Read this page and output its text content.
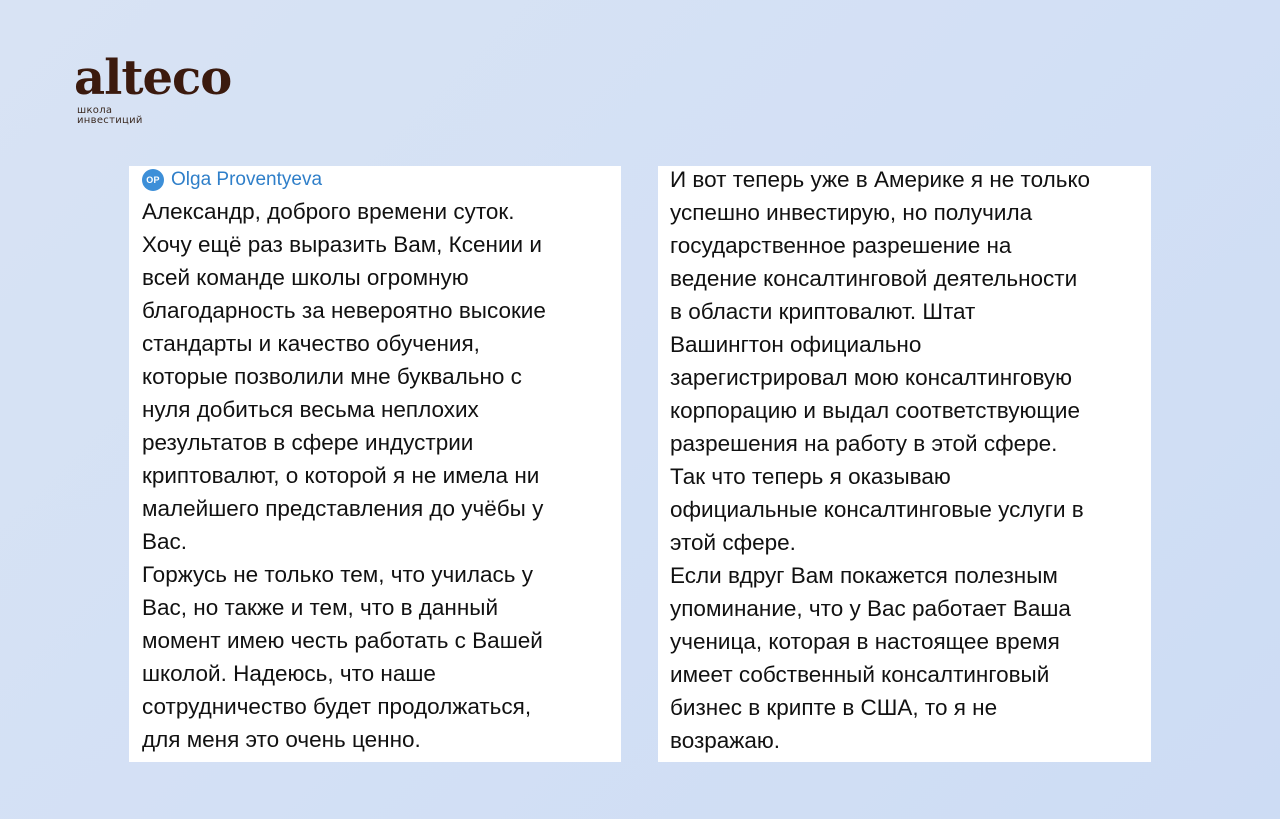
alteco
школа
инвестиций
OP Olga Proventyeva

Александр, доброго времени суток.
Хочу ещё раз выразить Вам, Ксении и
всей команде школы огромную
благодарность за невероятно высокие
стандарты и качество обучения,
которые позволили мне буквально с
нуля добиться весьма неплохих
результатов в сфере индустрии
криптовалют, о которой я не имела ни
малейшего представления до учёбы у
Вас.
Горжусь не только тем, что училась у
Вас, но также и тем, что в данный
момент имею честь работать с Вашей
школой. Надеюсь, что наше
сотрудничество будет продолжаться,
для меня это очень ценно.

И вот теперь уже в Америке я не только
успешно инвестирую, но получила
государственное разрешение на
ведение консалтинговой деятельности
в области криптовалют. Штат
Вашингтон официально
зарегистрировал мою консалтинговую
корпорацию и выдал соответствующие
разрешения на работу в этой сфере.
Так что теперь я оказываю
официальные консалтинговые услуги в
этой сфере.
Если вдруг Вам покажется полезным
упоминание, что у Вас работает Ваша
ученица, которая в настоящее время
имеет собственный консалтинговый
бизнес в крипте в США, то я не
возражаю.
